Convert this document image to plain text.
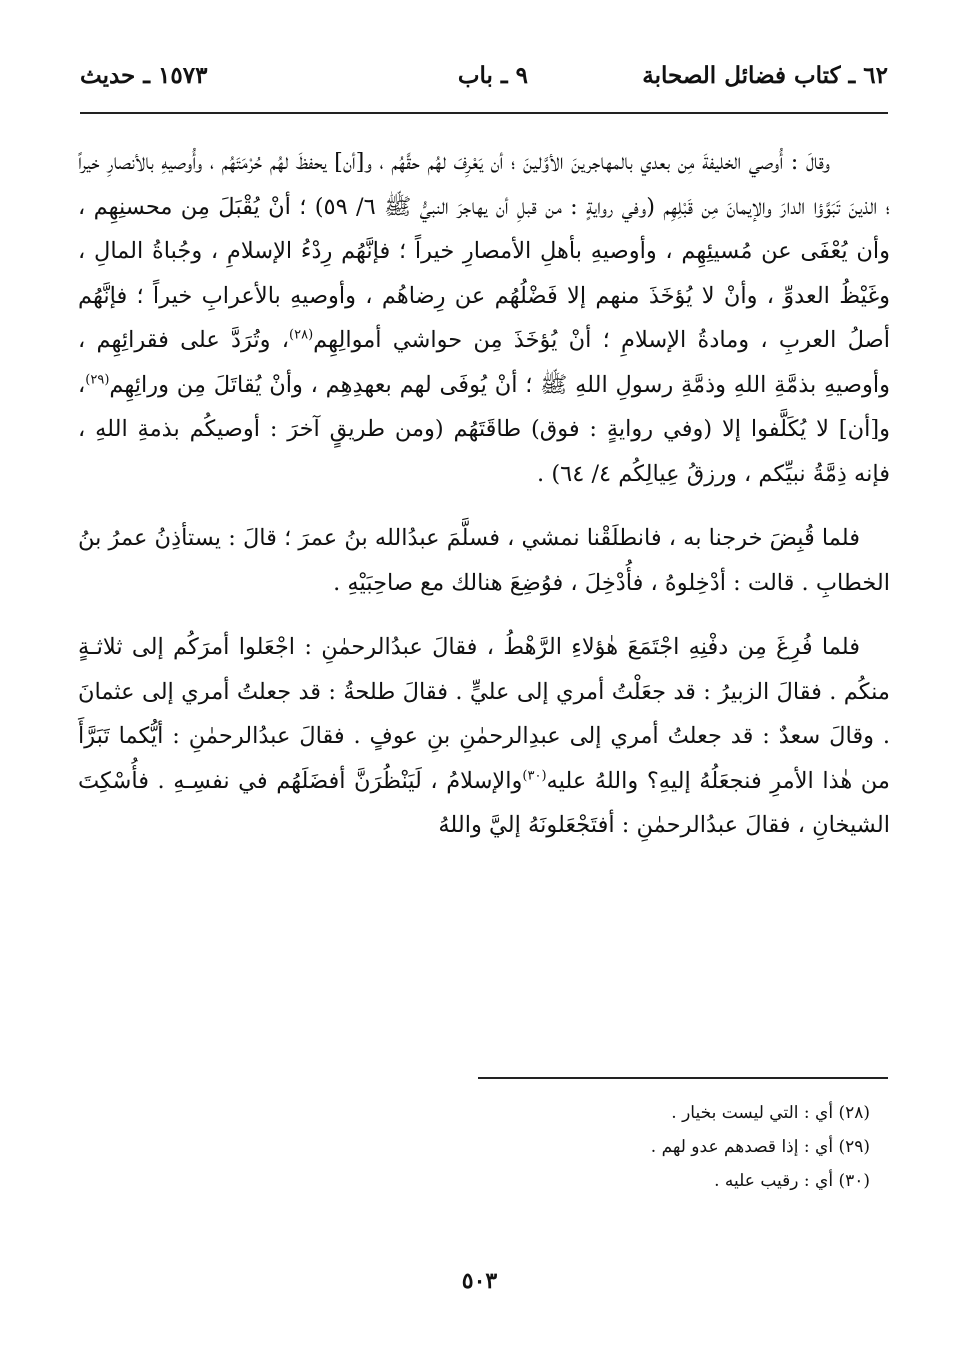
٦٢ ـ كتاب فضائل الصحابة
٩ ـ باب
١٥٧٣ ـ حديث

وقالَ : أُوصي الخليفةَ مِن بعدي بالمهاجرينَ الأوَّلينَ ؛ أن يَعْرِفَ لهُم حقَّهُم ، و[أن] يحفظَ لهُم حُرْمَتَهُم ، وأُوصيهِ بالأنصارِ خيراً ؛ الذينَ تَبَوَّؤا الدارَ والإيمانَ مِن قَبْلِهِم (وفي روايةٍ : من قبلِ أن يهاجرَ النبيُّ ﷺ ٦/ ٥٩) ؛ أنْ يُقْبَلَ مِن محسنِهِم ، وأن يُعْفَى عن مُسيئِهِم ، وأوصيهِ بأهلِ الأمصارِ خيراً ؛ فإنَّهُم رِدْءُ الإسلامِ ، وجُباةُ المالِ ، وغَيْظُ العدوِّ ، وأنْ لا يُؤخَذَ منهم إلا فَضْلُهُم عن رِضاهُم ، وأوصيهِ بالأعرابِ خيراً ؛ فإنَّهُم أصلُ العربِ ، ومادةُ الإسلامِ ؛ أنْ يُؤخَذَ مِن حواشي أموالِهِم$^{(٢٨)}$، وتُرَدَّ على فقرائِهِم ، وأوصيهِ بذمَّةِ اللهِ وذمَّةِ رسولِ اللهِ ﷺ ؛ أنْ يُوفَى لهم بعهدِهِم ، وأنْ يُقاتَلَ مِن ورائِهِم$^{(٢٩)}$، و[أن] لا يُكَلَّفوا إلا (وفي روايةٍ : فوق) طاقَتَهُم (ومن طريقٍ آخرَ : أوصيكُم بذمةِ اللهِ ، فإنه ذِمَّةُ نبيِّكم ، ورزقُ عِيالِكُم ٤/ ٦٤) .

فلما قُبِضَ خرجنا به ، فانطلَقْنا نمشي ، فسلَّمَ عبدُالله بنُ عمرَ ؛ قالَ : يستأذِنُ عمرُ بنُ الخطابِ . قالت : أدْخِلوهُ ، فأُدْخِلَ ، فوُضِعَ هنالك مع صاحِبَيْهِ .

فلما فُرِغَ مِن دفْنِهِ اجْتَمَعَ هٰؤلاءِ الرَّهْطُ ، فقالَ عبدُالرحمٰنِ : اجْعَلوا أمرَكُم إلى ثلاثـةٍ منكُم . فقالَ الزبيرُ : قد جعَلْتُ أمري إلى عليٍّ . فقالَ طلحةُ : قد جعلتُ أمري إلى عثمانَ . وقالَ سعدٌ : قد جعلتُ أمري إلى عبدِالرحمٰنِ بنِ عوفٍ . فقالَ عبدُالرحمٰنِ : أيُّكما تَبَرَّأَ من هٰذا الأمرِ فنجعَلُهُ إليهِ؟ واللهُ عليه$^{(٣٠)}$والإسلامُ ، لَيَنْظُرَنَّ أفضَلَهُم في نفسِـهِ . فأُسْكِتَ الشيخانِ ، فقالَ عبدُالرحمٰنِ : أفتَجْعَلونَهُ إليَّ واللهُ

(٢٨) أي : التي ليست بخيار .
(٢٩) أي : إذا قصدهم عدو لهم .
(٣٠) أي : رقيب عليه .
٥٠٣
